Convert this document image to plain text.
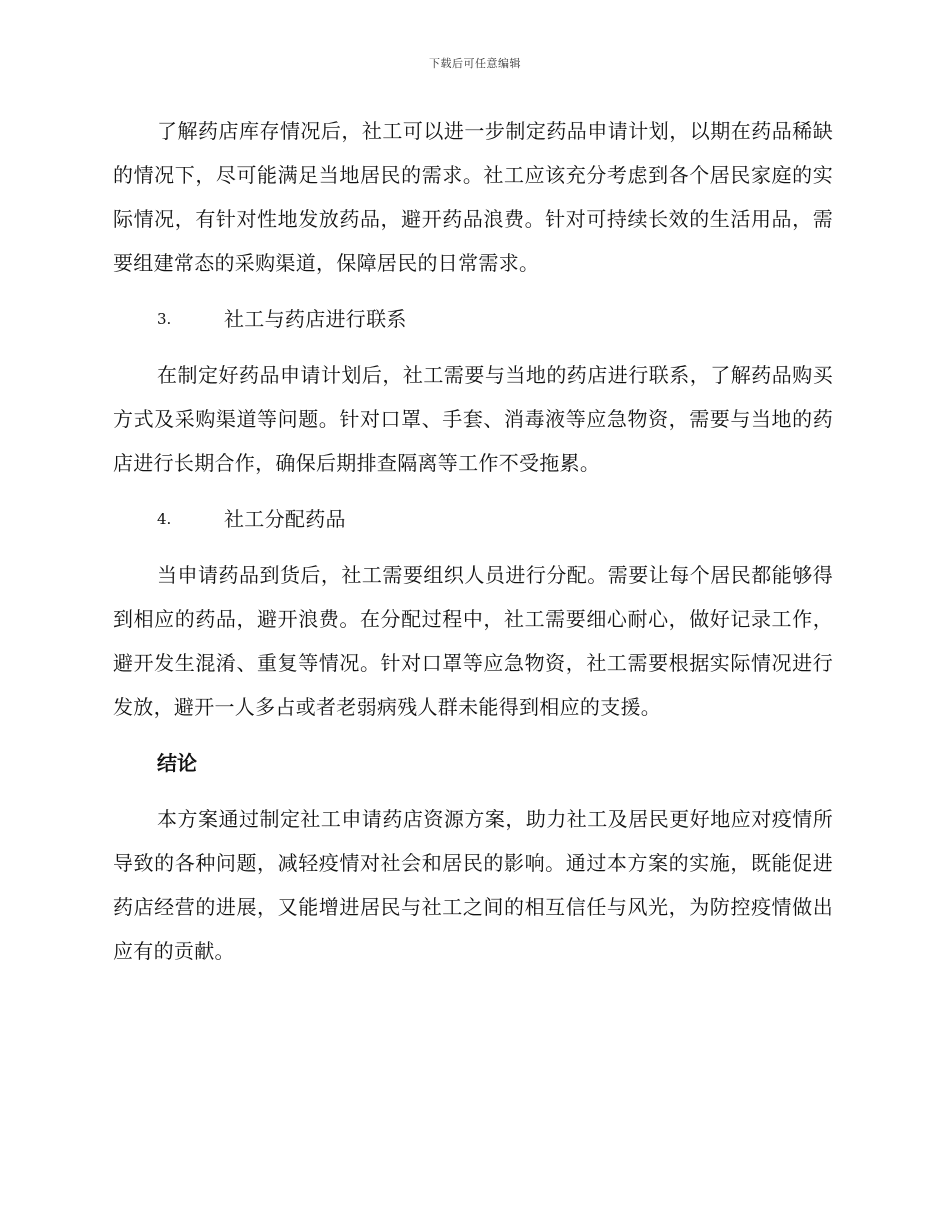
下载后可任意编辑

了解药店库存情况后，社工可以进一步制定药品申请计划，以期在药品稀缺的情况下，尽可能满足当地居民的需求。社工应该充分考虑到各个居民家庭的实际情况，有针对性地发放药品，避开药品浪费。针对可持续长效的生活用品，需要组建常态的采购渠道，保障居民的日常需求。

3.	社工与药店进行联系

在制定好药品申请计划后，社工需要与当地的药店进行联系，了解药品购买方式及采购渠道等问题。针对口罩、手套、消毒液等应急物资，需要与当地的药店进行长期合作，确保后期排查隔离等工作不受拖累。

4.	社工分配药品

当申请药品到货后，社工需要组织人员进行分配。需要让每个居民都能够得到相应的药品，避开浪费。在分配过程中，社工需要细心耐心，做好记录工作，避开发生混淆、重复等情况。针对口罩等应急物资，社工需要根据实际情况进行发放，避开一人多占或者老弱病残人群未能得到相应的支援。

结论

本方案通过制定社工申请药店资源方案，助力社工及居民更好地应对疫情所导致的各种问题，减轻疫情对社会和居民的影响。通过本方案的实施，既能促进药店经营的进展，又能增进居民与社工之间的相互信任与风光，为防控疫情做出应有的贡献。
